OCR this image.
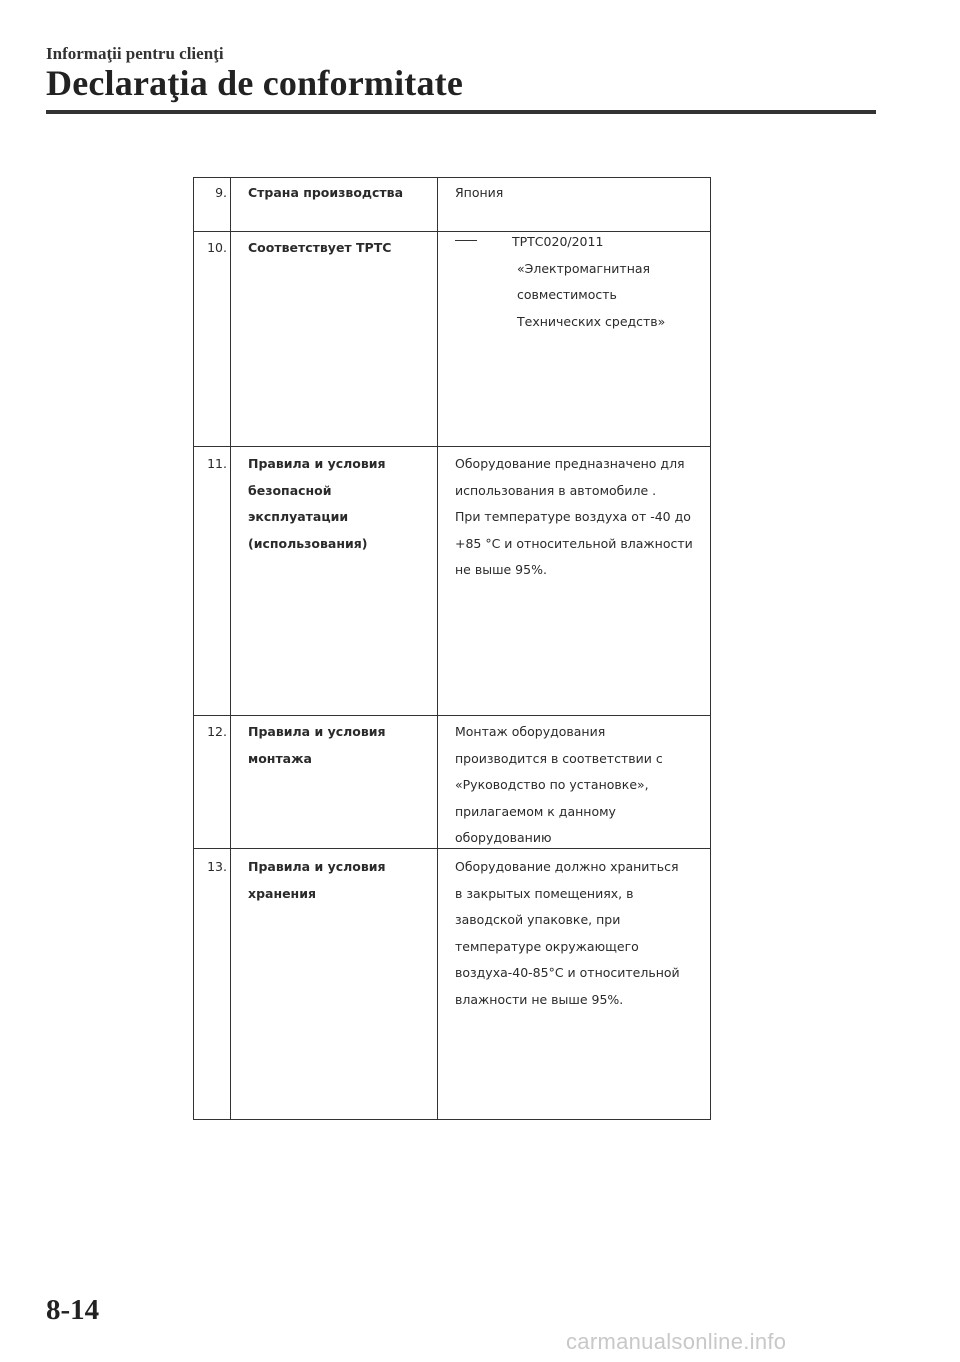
Informaţii pentru clienţi
Declaraţia de conformitate
9. Страна производства	Япония
10. Соответствует ТРТС	ТРТС020/2011
«Электромагнитная
совместимость
Технических средств»
11. Правила и условия
безопасной
эксплуатации
(использования)
Оборудование предназначено для
использования в автомобиле .
При температуре воздуха от -40 до
+85 °С и относительной влажности
не выше 95%.
12. Правила и условия
монтажа
Монтаж оборудования
производится в соответствии с
«Руководство по установке»,
прилагаемом к данному
оборудованию
13. Правила и условия
хранения
Оборудование должно храниться
в закрытых помещениях, в
заводской упаковке, при
температуре окружающего
воздуха-40-85°С и относительной
влажности не выше 95%.
8-14
carmanualsonline.info
